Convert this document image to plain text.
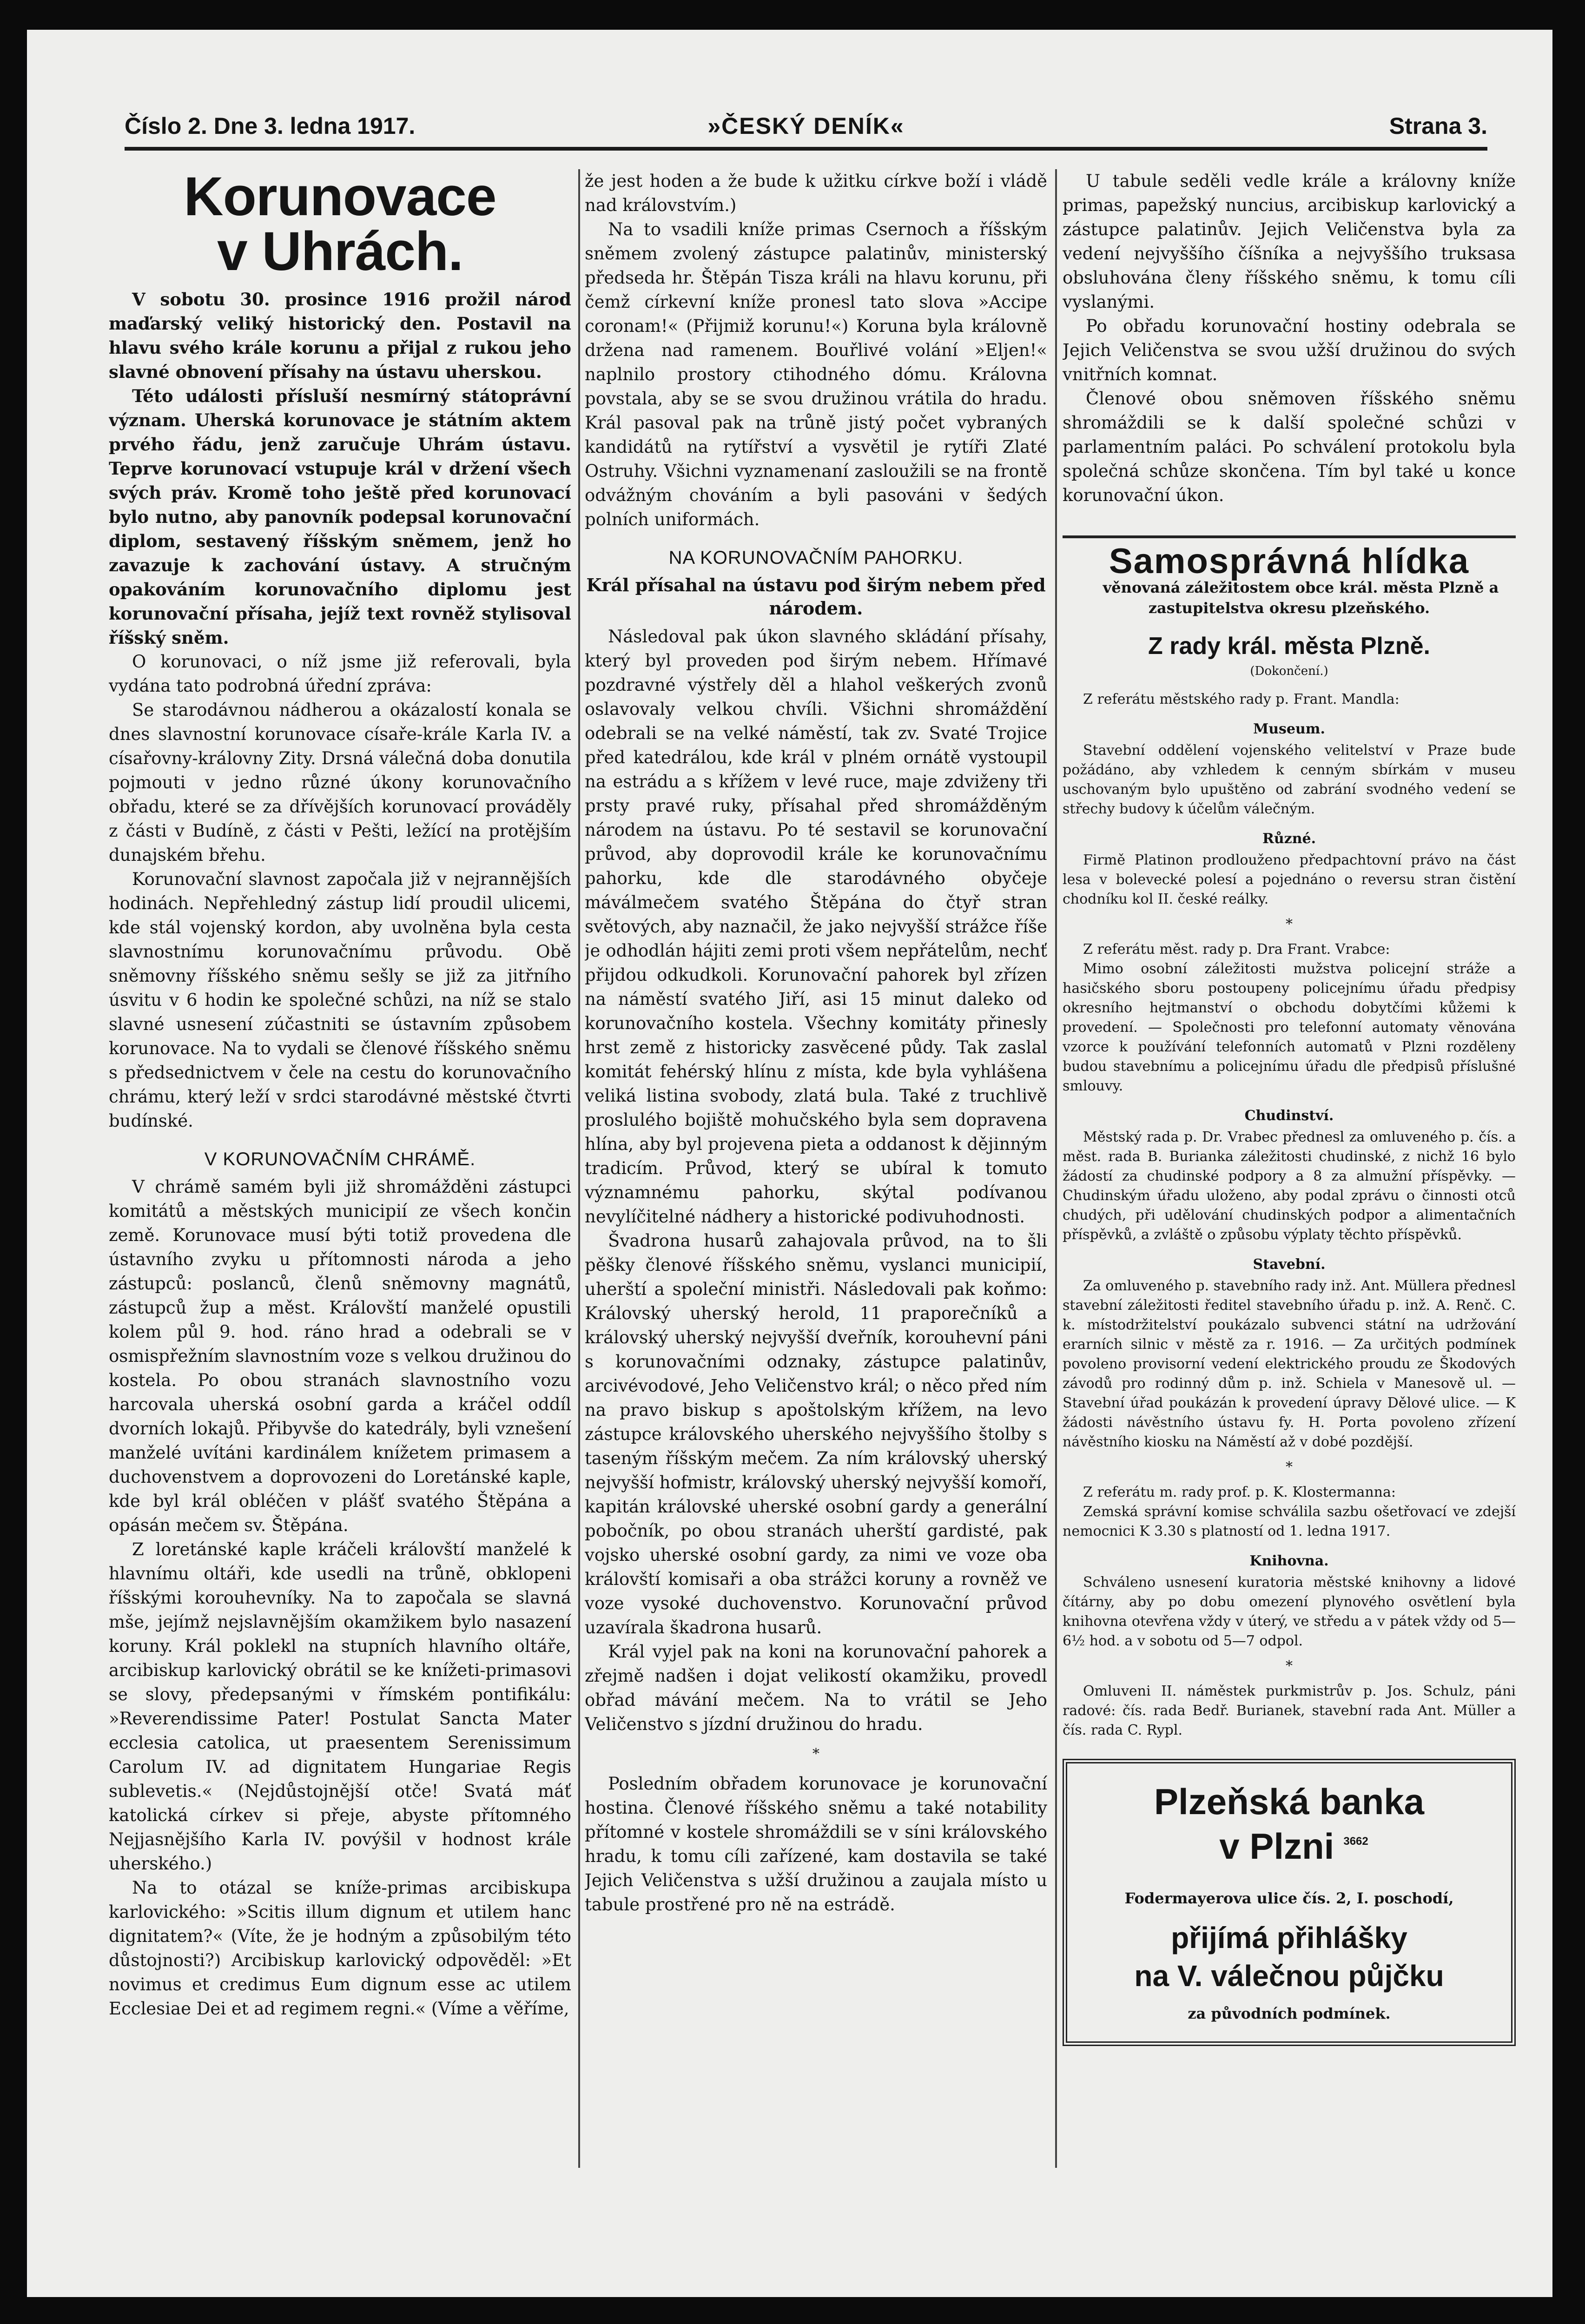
Číslo 2. Dne 3. ledna 1917.	»ČESKÝ DENÍK«	Strana 3.
Korunovace
v Uhrách.

V sobotu 30. prosince 1916 prožil národ maďarský veliký historický den. Postavil na hlavu svého krále korunu a přijal z rukou jeho slavné obnovení přísahy na ústavu uherskou.

Této události přísluší nesmírný státoprávní význam. Uherská korunovace je státním aktem prvého řádu, jenž zaručuje Uhrám ústavu. Teprve korunovací vstupuje král v držení všech svých práv. Kromě toho ještě před korunovací bylo nutno, aby panovník podepsal korunovační diplom, sestavený říšským sněmem, jenž ho zavazuje k zachování ústavy. A stručným opakováním korunovačního diplomu jest korunovační přísaha, jejíž text rovněž stylisoval říšský sněm.

O korunovaci, o níž jsme již referovali, byla vydána tato podrobná úřední zpráva:

Se starodávnou nádherou a okázalostí konala se dnes slavnostní korunovace císaře-krále Karla IV. a císařovny-královny Zity. Drsná válečná doba donutila pojmouti v jedno různé úkony korunovačního obřadu, které se za dřívějších korunovací prováděly z části v Budíně, z části v Pešti, ležící na protějším dunajském břehu.

Korunovační slavnost započala již v nejrannějších hodinách. Nepřehledný zástup lidí proudil ulicemi, kde stál vojenský kordon, aby uvolněna byla cesta slavnostnímu korunovačnímu průvodu. Obě sněmovny říšského sněmu sešly se již za jitřního úsvitu v 6 hodin ke společné schůzi, na níž se stalo slavné usnesení zúčastniti se ústavním způsobem korunovace. Na to vydali se členové říšského sněmu s předsednictvem v čele na cestu do korunovačního chrámu, který leží v srdci starodávné městské čtvrti budínské.

V KORUNOVAČNÍM CHRÁMĚ.

V chrámě samém byli již shromážděni zástupci komitátů a městských municipií ze všech končin země. Korunovace musí býti totiž provedena dle ústavního zvyku u přítomnosti národa a jeho zástupců: poslanců, členů sněmovny magnátů, zástupců žup a měst. Královští manželé opustili kolem půl 9. hod. ráno hrad a odebrali se v osmispřežním slavnostním voze s velkou družinou do kostela. Po obou stranách slavnostního vozu harcovala uherská osobní garda a kráčel oddíl dvorních lokajů. Přibyvše do katedrály, byli vznešení manželé uvítáni kardinálem knížetem primasem a duchovenstvem a doprovozeni do Loretánské kaple, kde byl král obléčen v plášť svatého Štěpána a opásán mečem sv. Štěpána.

Z loretánské kaple kráčeli královští manželé k hlavnímu oltáři, kde usedli na trůně, obklopeni říšskými korouhevníky. Na to započala se slavná mše, jejímž nejslavnějším okamžikem bylo nasazení koruny. Král poklekl na stupních hlavního oltáře, arcibiskup karlovický obrátil se ke knížeti-primasovi se slovy, předepsanými v římském pontifikálu: »Reverendissime Pater! Postulat Sancta Mater ecclesia catolica, ut praesentem Serenissimum Carolum IV. ad dignitatem Hungariae Regis sublevetis.« (Nejdůstojnější otče! Svatá máť katolická církev si přeje, abyste přítomného Nejjasnějšího Karla IV. povýšil v hodnost krále uherského.)

Na to otázal se kníže-primas arcibiskupa karlovického: »Scitis illum dignum et utilem hanc dignitatem?« (Víte, že je hodným a způsobilým této důstojnosti?) Arcibiskup karlovický odpověděl: »Et novimus et credimus Eum dignum esse ac utilem Ecclesiae Dei et ad regimem regni.« (Víme a věříme,

že jest hoden a že bude k užitku církve boží i vládě nad královstvím.)

Na to vsadili kníže primas Csernoch a říšským sněmem zvolený zástupce palatinův, ministerský předseda hr. Štěpán Tisza králi na hlavu korunu, při čemž církevní kníže pronesl tato slova »Accipe coronam!« (Přijmiž korunu!«) Koruna byla královně držena nad ramenem. Bouřlivé volání »Eljen!« naplnilo prostory ctihodného dómu. Královna povstala, aby se se svou družinou vrátila do hradu. Král pasoval pak na trůně jistý počet vybraných kandidátů na rytířství a vysvětil je rytíři Zlaté Ostruhy. Všichni vyznamenaní zasloužili se na frontě odvážným chováním a byli pasováni v šedých polních uniformách.

NA KORUNOVAČNÍM PAHORKU.
Král přísahal na ústavu pod širým nebem před národem.

Následoval pak úkon slavného skládání přísahy, který byl proveden pod širým nebem. Hřímavé pozdravné výstřely děl a hlahol veškerých zvonů oslavovaly velkou chvíli. Všichni shromáždění odebrali se na velké náměstí, tak zv. Svaté Trojice před katedrálou, kde král v plném ornátě vystoupil na estrádu a s křížem v levé ruce, maje zdviženy tři prsty pravé ruky, přísahal před shromážděným národem na ústavu. Po té sestavil se korunovační průvod, aby doprovodil krále ke korunovačnímu pahorku, kde dle starodávného obyčeje máválmečem svatého Štěpána do čtyř stran světových, aby naznačil, že jako nejvyšší strážce říše je odhodlán hájiti zemi proti všem nepřátelům, nechť přijdou odkudkoli. Korunovační pahorek byl zřízen na náměstí svatého Jiří, asi 15 minut daleko od korunovačního kostela. Všechny komitáty přinesly hrst země z historicky zasvěcené půdy. Tak zaslal komitát fehérský hlínu z místa, kde byla vyhlášena veliká listina svobody, zlatá bula. Také z truchlivě proslulého bojiště mohučského byla sem dopravena hlína, aby byl projevena pieta a oddanost k dějinným tradicím. Průvod, který se ubíral k tomuto významnému pahorku, skýtal podívanou nevylíčitelné nádhery a historické podivuhodnosti.

Švadrona husarů zahajovala průvod, na to šli pěšky členové říšského sněmu, vyslanci municipií, uherští a společní ministři. Následovali pak koňmo: Královský uherský herold, 11 praporečníků a královský uherský nejvyšší dveřník, korouhevní páni s korunovačními odznaky, zástupce palatinův, arcivévodové, Jeho Veličenstvo král; o něco před ním na pravo biskup s apoštolským křížem, na levo zástupce královského uherského nejvyššího štolby s taseným říšským mečem. Za ním královský uherský nejvyšší hofmistr, královský uherský nejvyšší komoří, kapitán královské uherské osobní gardy a generální pobočník, po obou stranách uherští gardisté, pak vojsko uherské osobní gardy, za nimi ve voze oba královští komisaři a oba strážci koruny a rovněž ve voze vysoké duchovenstvo. Korunovační průvod uzavírala škadrona husarů.

Král vyjel pak na koni na korunovační pahorek a zřejmě nadšen i dojat velikostí okamžiku, provedl obřad mávání mečem. Na to vrátil se Jeho Veličenstvo s jízdní družinou do hradu.

*

Posledním obřadem korunovace je korunovační hostina. Členové říšského sněmu a také notability přítomné v kostele shromáždili se v síni královského hradu, k tomu cíli zařízené, kam dostavila se také Jejich Veličenstva s užší družinou a zaujala místo u tabule prostřené pro ně na estrádě.

U tabule seděli vedle krále a královny kníže primas, papežský nuncius, arcibiskup karlovický a zástupce palatinův. Jejich Veličenstva byla za vedení nejvyššího číšníka a nejvyššího truksasa obsluhována členy říšského sněmu, k tomu cíli vyslanými.

Po obřadu korunovační hostiny odebrala se Jejich Veličenstva se svou užší družinou do svých vnitřních komnat.

Členové obou sněmoven říšského sněmu shromáždili se k další společné schůzi v parlamentním paláci. Po schválení protokolu byla společná schůze skončena. Tím byl také u konce korunovační úkon.

Samosprávná hlídka

věnovaná záležitostem obce král. města Plzně a zastupitelstva okresu plzeňského.

Z rady král. města Plzně.
(Dokončení.)

Z referátu městského rady p. Frant. Mandla:

Museum.

Stavební oddělení vojenského velitelství v Praze bude požádáno, aby vzhledem k cenným sbírkám v museu uschovaným bylo upuštěno od zabrání svodného vedení se střechy budovy k účelům válečným.

Různé.

Firmě Platinon prodlouženo předpachtovní právo na část lesa v bolevecké polesí a pojednáno o reversu stran čistění chodníku kol II. české reálky.

*

Z referátu měst. rady p. Dra Frant. Vrabce:

Mimo osobní záležitosti mužstva policejní stráže a hasičského sboru postoupeny policejnímu úřadu předpisy okresního hejtmanství o obchodu dobytčími kůžemi k provedení. — Společnosti pro telefonní automaty věnována vzorce k používání telefonních automatů v Plzni rozděleny budou stavebnímu a policejnímu úřadu dle předpisů příslušné smlouvy.

Chudinství.

Městský rada p. Dr. Vrabec přednesl za omluveného p. čís. a měst. rada B. Burianka záležitosti chudinské, z nichž 16 bylo žádostí za chudinské podpory a 8 za almužní příspěvky. — Chudinským úřadu uloženo, aby podal zprávu o činnosti otců chudých, při udělování chudinských podpor a alimentačních příspěvků, a zvláště o způsobu výplaty těchto příspěvků.

Stavební.

Za omluveného p. stavebního rady inž. Ant. Müllera přednesl stavební záležitosti ředitel stavebního úřadu p. inž. A. Renč. C. k. místodržitelství poukázalo subvenci státní na udržování erarních silnic v městě za r. 1916. — Za určitých podmínek povoleno provisorní vedení elektrického proudu ze Škodových závodů pro rodinný dům p. inž. Schiela v Manesově ul. — Stavební úřad poukázán k provedení úpravy Dělové ulice. — K žádosti návěstního ústavu fy. H. Porta povoleno zřízení návěstního kiosku na Náměstí až v dobé pozdější.

*

Z referátu m. rady prof. p. K. Klostermanna:

Zemská správní komise schválila sazbu ošetřovací ve zdejší nemocnici K 3.30 s platností od 1. ledna 1917.

Knihovna.

Schváleno usnesení kuratoria městské knihovny a lidové čítárny, aby po dobu omezení plynového osvětlení byla knihovna otevřena vždy v úterý, ve středu a v pátek vždy od 5—6½ hod. a v sobotu od 5—7 odpol.

*

Omluveni II. náměstek purkmistrův p. Jos. Schulz, páni radové: čís. rada Bedř. Burianek, stavební rada Ant. Müller a čís. rada C. Rypl.

Plzeňská banka
v Plzni $^{3662}$
Fodermayerova ulice čís. 2, I. poschodí,
přijímá přihlášky
na V. válečnou půjčku
za původních podmínek.
